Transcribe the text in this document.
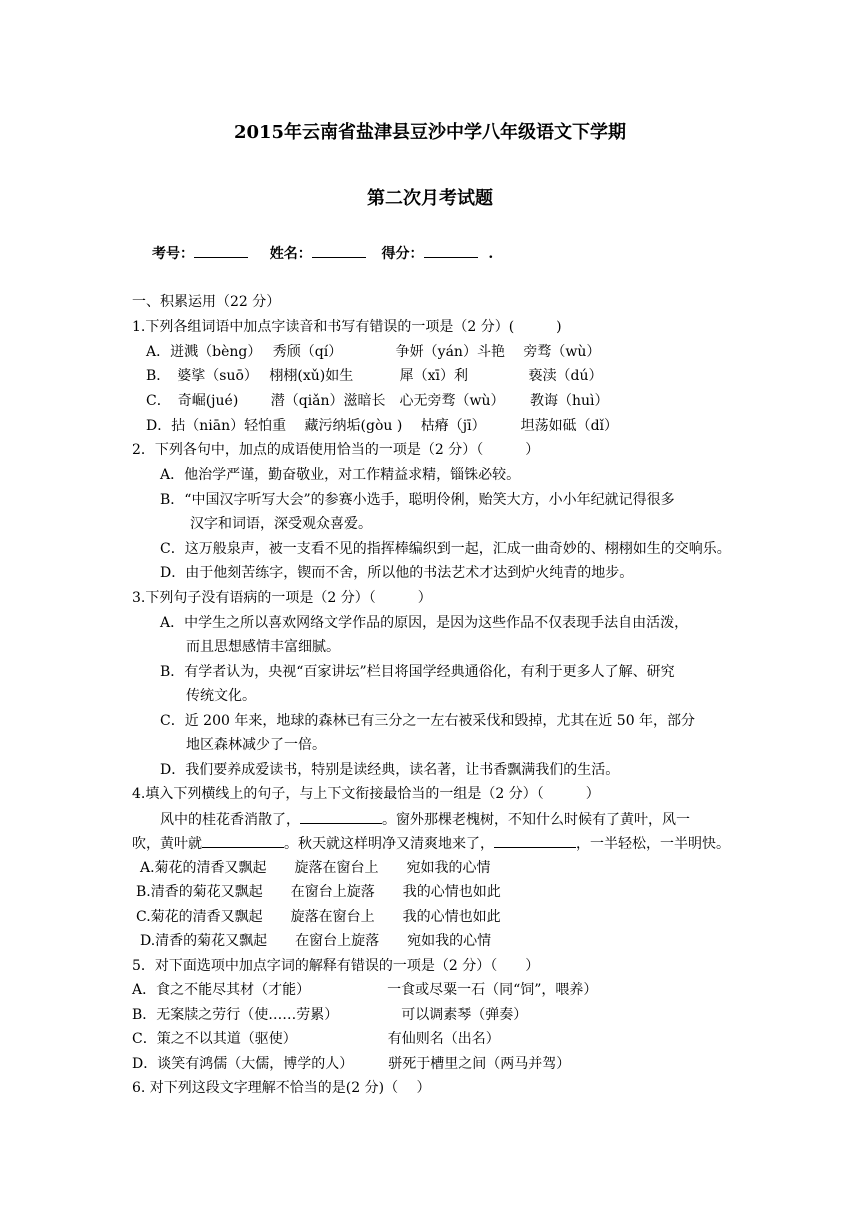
2015年云南省盐津县豆沙中学八年级语文下学期
第二次月考试题
考号：	姓名：	得分：	.
一、积累运用（22 分）
1.下列各组词语中加点字读音和书写有错误的一项是（2 分）(　　　)
A．迸溅（bèng）　 秀颀（qí）　　　　 争妍（yán）斗艳　 旁骛（wù）
B．　婆挲（suō）　 栩栩(xǔ)如生　　　 犀（xī）利　　　　 亵渎（dú）
C．　奇崛(jué)　　 潜（qiǎn）滋暗长　心无旁骛（wù）　　 教诲（huì）
D．拈（niān）轻怕重　 藏污纳垢(gòu )　 枯瘠（jī）　　　坦荡如砥（dǐ）
2．下列各句中，加点的成语使用恰当的一项是（2 分）（　　　）
A．他治学严谨，勤奋敬业，对工作精益求精，锱铢必较。
B．“中国汉字听写大会”的参赛小选手，聪明伶俐，贻笑大方，小小年纪就记得很多
汉字和词语，深受观众喜爱。
C．这万般泉声，被一支看不见的指挥棒编织到一起，汇成一曲奇妙的、栩栩如生的交响乐。
D．由于他刻苦练字，锲而不舍，所以他的书法艺术才达到炉火纯青的地步。
3.下列句子没有语病的一项是（2 分）（　　　）
A．中学生之所以喜欢网络文学作品的原因，是因为这些作品不仅表现手法自由活泼，
而且思想感情丰富细腻。
B．有学者认为，央视“百家讲坛”栏目将国学经典通俗化，有利于更多人了解、研究
传统文化。
C．近 200 年来，地球的森林已有三分之一左右被采伐和毁掉，尤其在近 50 年，部分
地区森林减少了一倍。
D．我们要养成爱读书，特别是读经典，读名著，让书香飘满我们的生活。
4.填入下列横线上的句子，与上下文衔接最恰当的一组是（2 分）（　　　）
风中的桂花香消散了，	。窗外那棵老槐树，不知什么时候有了黄叶，风一
吹，黄叶就	。秋天就这样明净又清爽地来了，	，一半轻松，一半明快。
A.菊花的清香又飘起　　旋落在窗台上　　宛如我的心情
B.清香的菊花又飘起　　在窗台上旋落　　我的心情也如此
C.菊花的清香又飘起　　旋落在窗台上　　我的心情也如此
D.清香的菊花又飘起　　在窗台上旋落　　宛如我的心情
5．对下面选项中加点字词的解释有错误的一项是（2 分）（　　）
A．食之不能尽其材（才能）　　　　　　一食或尽粟一石（同“饲”，喂养）
B．无案牍之劳行（使……劳累）　　　　　可以调素琴（弹奏）
C．策之不以其道（驱使）　　　　　　　有仙则名（出名）
D．谈笑有鸿儒（大儒，博学的人）　　　骈死于槽里之间（两马并驾）
6. 对下列这段文字理解不恰当的是(2 分)（　 ）
